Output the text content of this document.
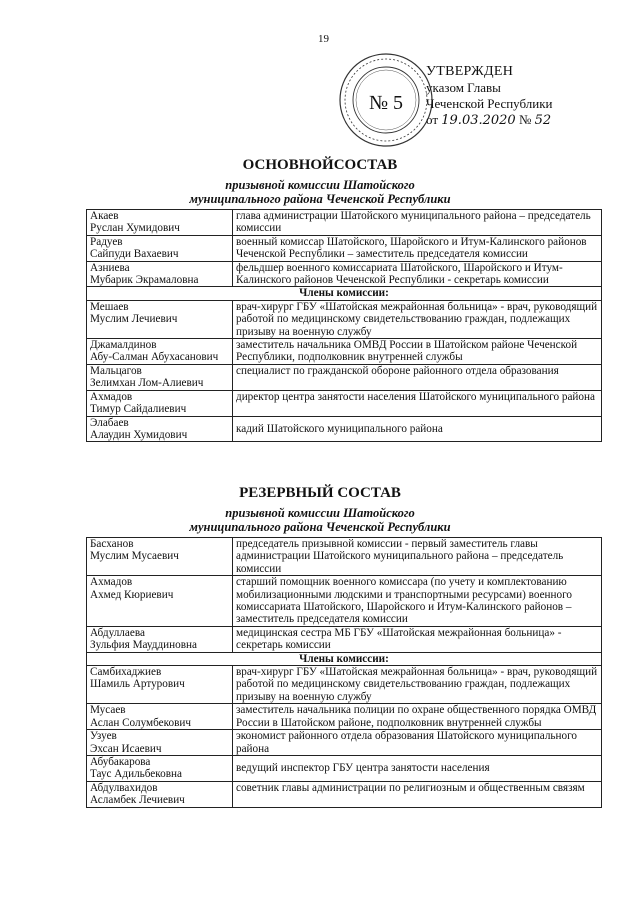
19
№ 5
УТВЕРЖДЕН
указом Главы
Чеченской Республики
от 19.03.2020 № 52
ОСНОВНОЙСОСТАВ
призывной комиссии Шатойского
муниципального района Чеченской Республики
Акаев
Руслан Хумидович	глава администрации Шатойского муниципального района – председатель комиссии

Радуев
Сайпуди Вахаевич	военный комиссар Шатойского, Шаройского и Итум-Калинского районов Чеченской Республики – заместитель председателя комиссии

Азниева
Мубарик Экрамаловна	фельдшер военного комиссариата Шатойского, Шаройского и Итум-Калинского районов Чеченской Республики - секретарь комиссии
Члены комиссии:	

Мешаев
Муслим Лечиевич	врач-хирург ГБУ «Шатойская межрайонная больница» - врач, руководящий работой по медицинскому свидетельствованию граждан, подлежащих призыву на военную службу

Джамалдинов
Абу-Салман Абухасанович	заместитель начальника ОМВД России в Шатойском районе Чеченской Республики, подполковник внутренней службы

Мальцагов
Зелимхан Лом-Алиевич	специалист по гражданской обороне районного отдела образования

Ахмадов
Тимур Сайдалиевич	директор центра занятости населения Шатойского муниципального района

Элабаев
Алаудин Хумидович	кадий Шатойского муниципального района
РЕЗЕРВНЫЙ СОСТАВ
призывной комиссии Шатойского
муниципального района Чеченской Республики
Басханов
Муслим Мусаевич	председатель призывной комиссии - первый заместитель главы администрации Шатойского муниципального района – председатель комиссии

Ахмадов
Ахмед Кюриевич	старший помощник военного комиссара (по учету и комплектованию мобилизационными людскими и транспортными ресурсами) военного комиссариата Шатойского, Шаройского и Итум-Калинского районов – заместитель председателя комиссии

Абдуллаева
Зульфия Мауддиновна	медицинская сестра МБ ГБУ «Шатойская межрайонная больница» - секретарь комиссии
Члены комиссии:	

Самбихаджиев
Шамиль Артурович	врач-хирург ГБУ «Шатойская межрайонная больница» - врач, руководящий работой по медицинскому свидетельствованию граждан, подлежащих призыву на военную службу

Мусаев
Аслан Солумбекович	заместитель начальника полиции по охране общественного порядка ОМВД России в Шатойском районе, подполковник внутренней службы

Узуев
Эхсан Исаевич	экономист районного отдела образования Шатойского муниципального района

Абубакарова
Таус Адильбековна	ведущий инспектор ГБУ центра занятости населения

Абдулвахидов
Асламбек Лечиевич	советник главы администрации по религиозным и общественным связям
